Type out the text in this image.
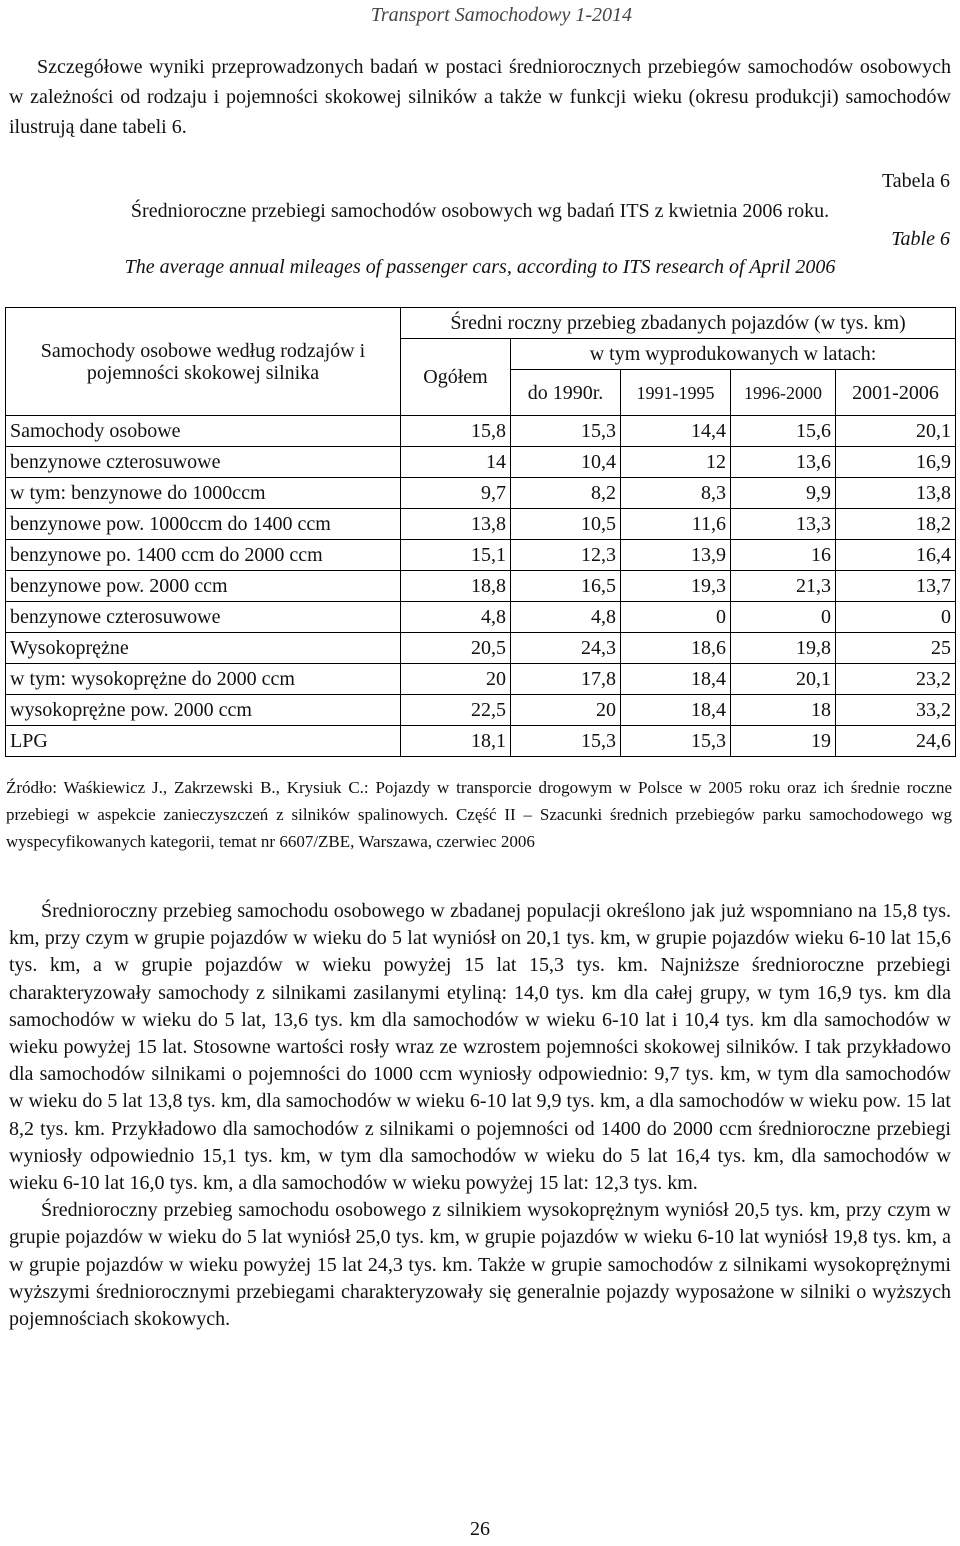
Transport Samochodowy 1-2014

Szczegółowe wyniki przeprowadzonych badań w postaci średniorocznych przebiegów samochodów osobowych w zależności od rodzaju i pojemności skokowej silników a także w funkcji wieku (okresu produkcji) samochodów ilustrują dane tabeli 6.

Tabela 6
Średnioroczne przebiegi samochodów osobowych wg badań ITS z kwietnia 2006 roku.
Table 6
The average annual mileages of passenger cars, according to ITS research of April 2006
Samochody osobowe według rodzajów i pojemności skokowej silnika	Średni roczny przebieg zbadanych pojazdów (w tys. km)				
	Ogółem	w tym wyprodukowanych w latach:			
		do 1990r.	1991-1995	1996-2000	2001-2006
Samochody osobowe	15,8	15,3	14,4	15,6	20,1
benzynowe czterosuwowe	14	10,4	12	13,6	16,9
w tym: benzynowe do 1000ccm	9,7	8,2	8,3	9,9	13,8
benzynowe pow. 1000ccm do 1400 ccm	13,8	10,5	11,6	13,3	18,2
benzynowe po. 1400 ccm do 2000 ccm	15,1	12,3	13,9	16	16,4
benzynowe pow. 2000 ccm	18,8	16,5	19,3	21,3	13,7
benzynowe czterosuwowe	4,8	4,8	0	0	0
Wysokoprężne	20,5	24,3	18,6	19,8	25
w tym: wysokoprężne do 2000 ccm	20	17,8	18,4	20,1	23,2
wysokoprężne pow. 2000 ccm	22,5	20	18,4	18	33,2
LPG	18,1	15,3	15,3	19	24,6
Źródło: Waśkiewicz J., Zakrzewski B., Krysiuk C.: Pojazdy w transporcie drogowym w Polsce w 2005 roku oraz ich średnie roczne przebiegi w aspekcie zanieczyszczeń z silników spalinowych. Część II – Szacunki średnich przebiegów parku samochodowego wg wyspecyfikowanych kategorii, temat nr 6607/ZBE, Warszawa, czerwiec 2006

Średnioroczny przebieg samochodu osobowego w zbadanej populacji określono jak już wspomniano na 15,8 tys. km, przy czym w grupie pojazdów w wieku do 5 lat wyniósł on 20,1 tys. km, w grupie pojazdów wieku 6-10 lat 15,6 tys. km, a w grupie pojazdów w wieku powyżej 15 lat 15,3 tys. km. Najniższe średnioroczne przebiegi charakteryzowały samochody z silnikami zasilanymi etyliną: 14,0 tys. km dla całej grupy, w tym 16,9 tys. km dla samochodów w wieku do 5 lat, 13,6 tys. km dla samochodów w wieku 6-10 lat i 10,4 tys. km dla samochodów w wieku powyżej 15 lat. Stosowne wartości rosły wraz ze wzrostem pojemności skokowej silników. I tak przykładowo dla samochodów silnikami o pojemności do 1000 ccm wyniosły odpowiednio: 9,7 tys. km, w tym dla samochodów w wieku do 5 lat 13,8 tys. km, dla samochodów w wieku 6-10 lat 9,9 tys. km, a dla samochodów w wieku pow. 15 lat 8,2 tys. km. Przykładowo dla samochodów z silnikami o pojemności od 1400 do 2000 ccm średnioroczne przebiegi wyniosły odpowiednio 15,1 tys. km, w tym dla samochodów w wieku do 5 lat 16,4 tys. km, dla samochodów w wieku 6-10 lat 16,0 tys. km, a dla samochodów w wieku powyżej 15 lat: 12,3 tys. km.

Średnioroczny przebieg samochodu osobowego z silnikiem wysokoprężnym wyniósł 20,5 tys. km, przy czym w grupie pojazdów w wieku do 5 lat wyniósł 25,0 tys. km, w grupie pojazdów w wieku 6-10 lat wyniósł 19,8 tys. km, a w grupie pojazdów w wieku powyżej 15 lat 24,3 tys. km. Także w grupie samochodów z silnikami wysokoprężnymi wyższymi średniorocznymi przebiegami charakteryzowały się generalnie pojazdy wyposażone w silniki o wyższych pojemnościach skokowych.

26
